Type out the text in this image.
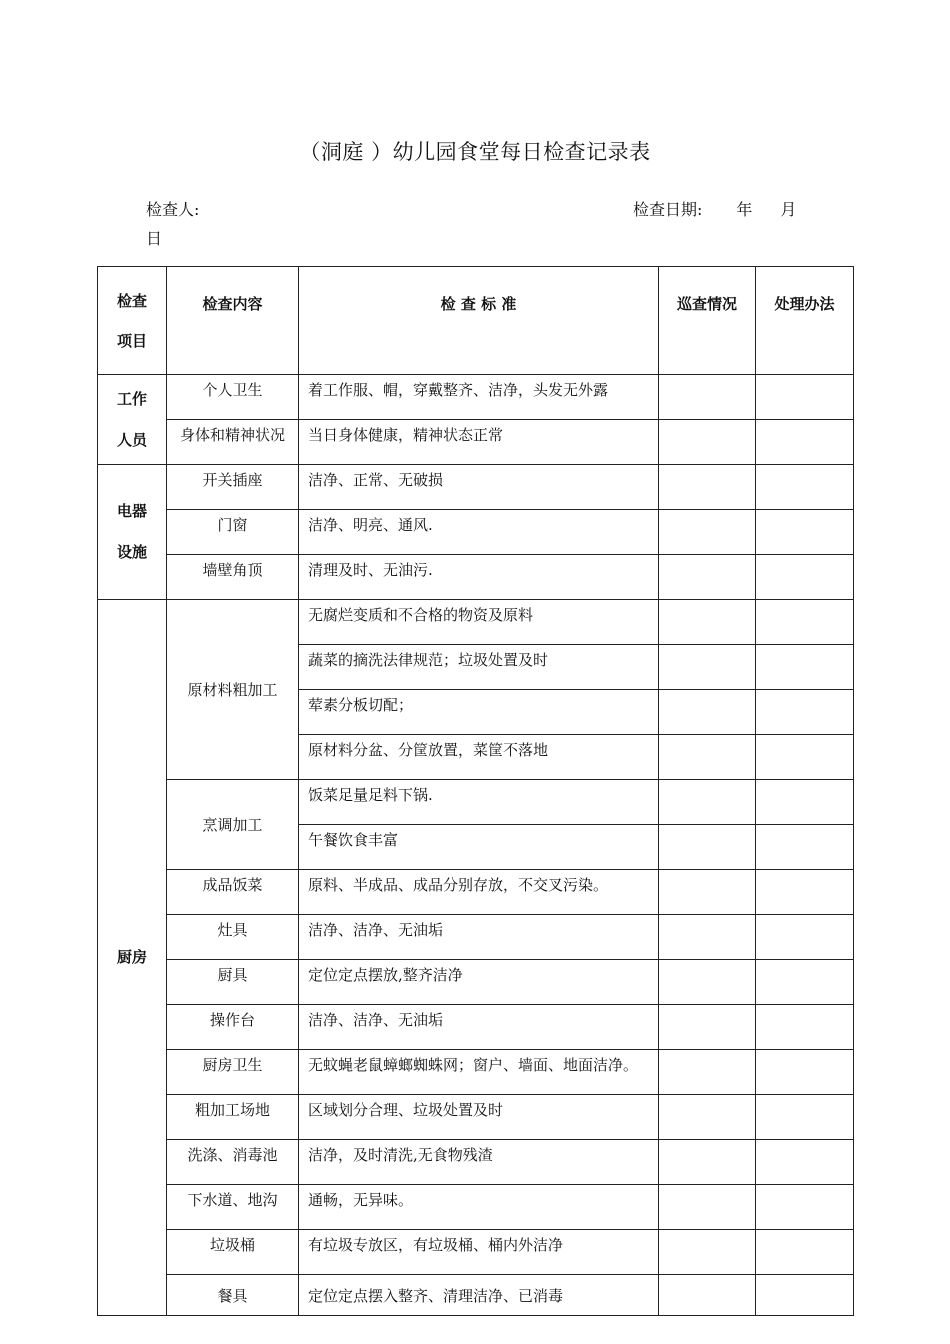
（洞庭 ）幼儿园食堂每日检查记录表
检查人:	检查日期: 年 月
日
检查
项目	检查内容	检 查 标 准	巡查情况	处理办法

工作
人员	个人卫生	着工作服、帽，穿戴整齐、洁净，头发无外露		
	身体和精神状况	当日身体健康，精神状态正常		

电器
设施	开关插座	洁净、正常、无破损		
	门窗	洁净、明亮、通风.		
	墙壁角顶	清理及时、无油污.		
厨房	原材料粗加工	无腐烂变质和不合格的物资及原料		
		蔬菜的摘洗法律规范；垃圾处置及时		
		荤素分板切配；		
		原材料分盆、分筐放置，菜筐不落地		
	烹调加工	饭菜足量足料下锅.		
		午餐饮食丰富		
	成品饭菜	原料、半成品、成品分别存放，不交叉污染。		
	灶具	洁净、洁净、无油垢		
	厨具	定位定点摆放,整齐洁净		
	操作台	洁净、洁净、无油垢		
	厨房卫生	无蚊蝇老鼠蟑螂蜘蛛网；窗户、墙面、地面洁净。		
	粗加工场地	区域划分合理、垃圾处置及时		
	洗涤、消毒池	洁净，及时清洗,无食物残渣		
	下水道、地沟	通畅，无异味。		
	垃圾桶	有垃圾专放区，有垃圾桶、桶内外洁净		
	餐具	定位定点摆入整齐、清理洁净、已消毒		
